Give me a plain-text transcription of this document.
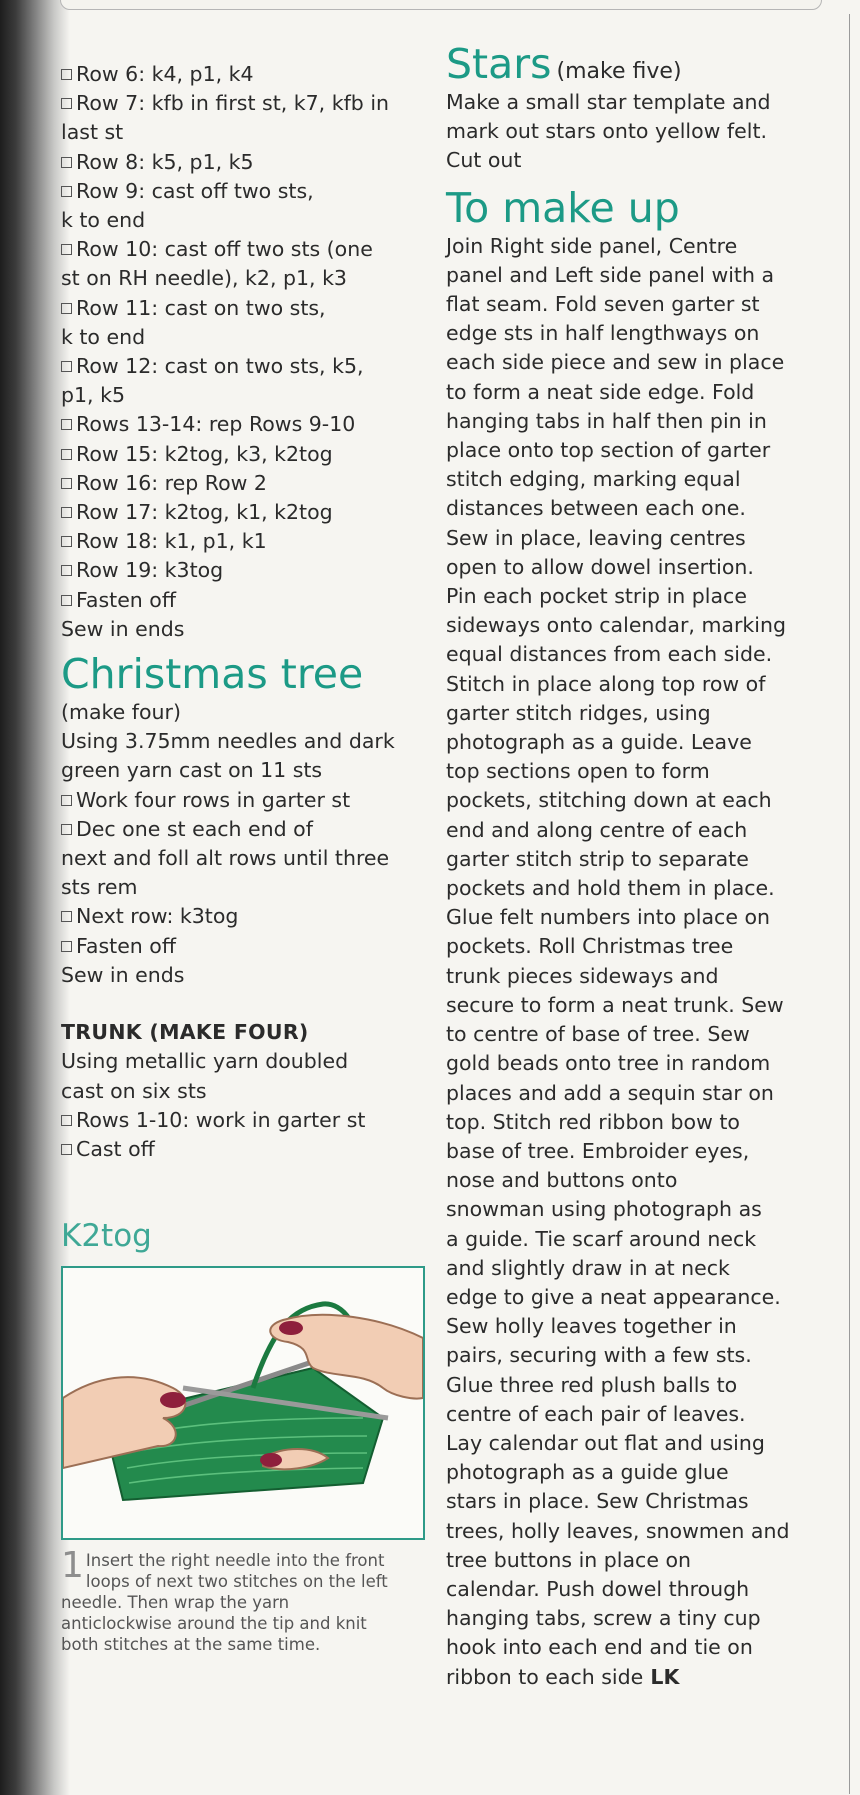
Row 6: k4, p1, k4
Row 7: kfb in first st, k7, kfb in
last st
Row 8: k5, p1, k5
Row 9: cast off two sts,
k to end
Row 10: cast off two sts (one
st on RH needle), k2, p1, k3
Row 11: cast on two sts,
k to end
Row 12: cast on two sts, k5,
p1, k5
Rows 13-14: rep Rows 9-10
Row 15: k2tog, k3, k2tog
Row 16: rep Row 2
Row 17: k2tog, k1, k2tog
Row 18: k1, p1, k1
Row 19: k3tog
Fasten off
Sew in ends
Christmas tree
(make four)
Using 3.75mm needles and dark
green yarn cast on 11 sts
Work four rows in garter st
Dec one st each end of
next and foll alt rows until three
sts rem
Next row: k3tog
Fasten off
Sew in ends
TRUNK (MAKE FOUR)
Using metallic yarn doubled
cast on six sts
Rows 1-10: work in garter st
Cast off
K2tog
1 Insert the right needle into the front
loops of next two stitches on the left
needle. Then wrap the yarn
anticlockwise around the tip and knit
both stitches at the same time.
Stars (make five)
Make a small star template and
mark out stars onto yellow felt.
Cut out
To make up
Join Right side panel, Centre
panel and Left side panel with a
flat seam. Fold seven garter st
edge sts in half lengthways on
each side piece and sew in place
to form a neat side edge. Fold
hanging tabs in half then pin in
place onto top section of garter
stitch edging, marking equal
distances between each one.
Sew in place, leaving centres
open to allow dowel insertion.
Pin each pocket strip in place
sideways onto calendar, marking
equal distances from each side.
Stitch in place along top row of
garter stitch ridges, using
photograph as a guide. Leave
top sections open to form
pockets, stitching down at each
end and along centre of each
garter stitch strip to separate
pockets and hold them in place.
Glue felt numbers into place on
pockets. Roll Christmas tree
trunk pieces sideways and
secure to form a neat trunk. Sew
to centre of base of tree. Sew
gold beads onto tree in random
places and add a sequin star on
top. Stitch red ribbon bow to
base of tree. Embroider eyes,
nose and buttons onto
snowman using photograph as
a guide. Tie scarf around neck
and slightly draw in at neck
edge to give a neat appearance.
Sew holly leaves together in
pairs, securing with a few sts.
Glue three red plush balls to
centre of each pair of leaves.
Lay calendar out flat and using
photograph as a guide glue
stars in place. Sew Christmas
trees, holly leaves, snowmen and
tree buttons in place on
calendar. Push dowel through
hanging tabs, screw a tiny cup
hook into each end and tie on
ribbon to each side LK
